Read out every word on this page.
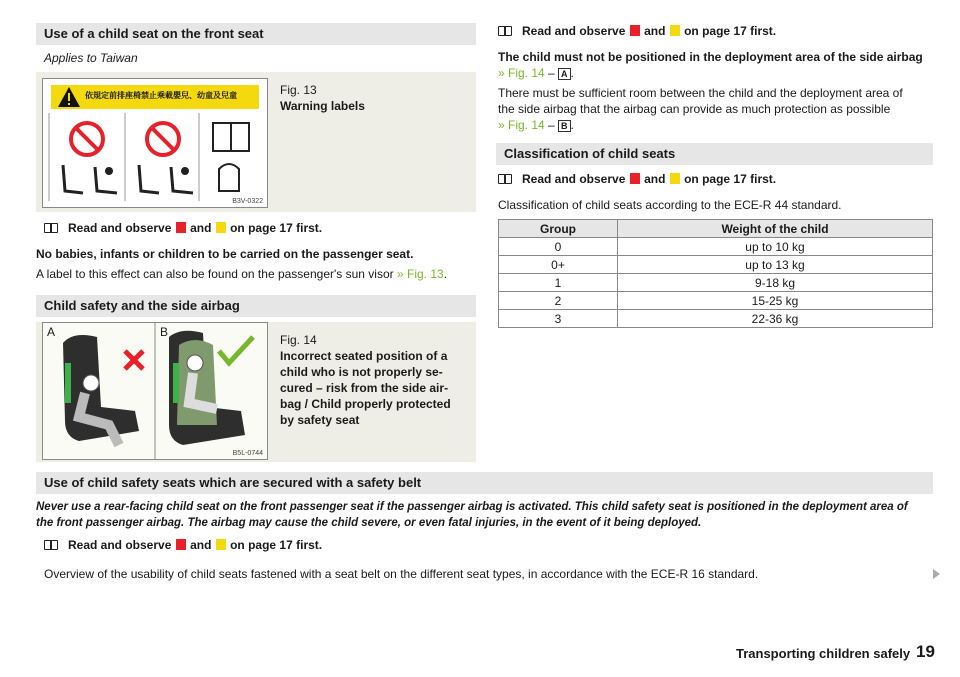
Use of a child seat on the front seat
Applies to Taiwan
依規定前排座椅禁止乘載嬰兒、幼童及兒童
B3V-0322
Fig. 13
Warning labels
Read and observe and on page 17 first.
No babies, infants or children to be carried on the passenger seat.
A label to this effect can also be found on the passenger's sun visor » Fig. 13.
Child safety and the side airbag
A	B
B5L-0744
Fig. 14
Incorrect seated position of a
child who is not properly se-
cured – risk from the side air-
bag / Child properly protected
by safety seat
Read and observe and on page 17 first.
The child must not be positioned in the deployment area of the side airbag
» Fig. 14 – A .
There must be sufficient room between the child and the deployment area of
the side airbag that the airbag can provide as much protection as possible
» Fig. 14 – B .
Classification of child seats
Read and observe and on page 17 first.
Classification of child seats according to the ECE-R 44 standard.
Group	Weight of the child
0	up to 10 kg
0+	up to 13 kg
1	9-18 kg
2	15-25 kg
3	22-36 kg
Use of child safety seats which are secured with a safety belt
Never use a rear-facing child seat on the front passenger seat if the passenger airbag is activated. This child safety seat is positioned in the deployment area of
the front passenger airbag. The airbag may cause the child severe, or even fatal injuries, in the event of it being deployed.
Read and observe and on page 17 first.
Overview of the usability of child seats fastened with a seat belt on the different seat types, in accordance with the ECE-R 16 standard.
Transporting children safely 19
